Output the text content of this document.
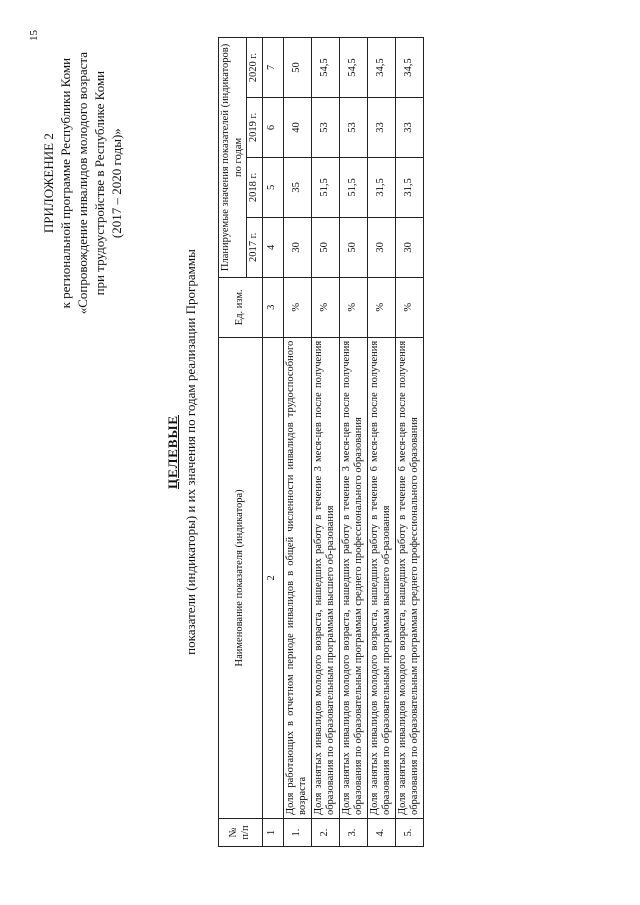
15
ПРИЛОЖЕНИЕ 2 к региональной программе Республики Коми «Сопровождение инвалидов молодого возраста при трудоустройстве в Республике Коми (2017 – 2020 годы)»
ЦЕЛЕВЫЕ показатели (индикаторы) и их значения по годам реализации Программы
№ п/п	Наименование показателя (индикатора)	Ед. изм.	Планируемые значения показателей (индикаторов) по годам			
			2017 г.	2018 г.	2019 г.	2020 г.
1	2	3	4	5	6	7
1.	Доля работающих в отчетном периоде инвалидов в общей численности инвалидов трудоспособного возраста	%	30	35	40	50
2.	Доля занятых инвалидов молодого возраста, нашедших работу в течение 3 меся-цев после получения образования по образовательным программам высшего об-разования	%	50	51,5	53	54,5
3.	Доля занятых инвалидов молодого возраста, нашедших работу в течение 3 меся-цев после получения образования по образовательным программам среднего профессионального образования	%	50	51,5	53	54,5
4.	Доля занятых инвалидов молодого возраста, нашедших работу в течение 6 меся-цев после получения образования по образовательным программам высшего об-разования	%	30	31,5	33	34,5
5.	Доля занятых инвалидов молодого возраста, нашедших работу в течение 6 меся-цев после получения образования по образовательным программам среднего профессионального образования	%	30	31,5	33	34,5
